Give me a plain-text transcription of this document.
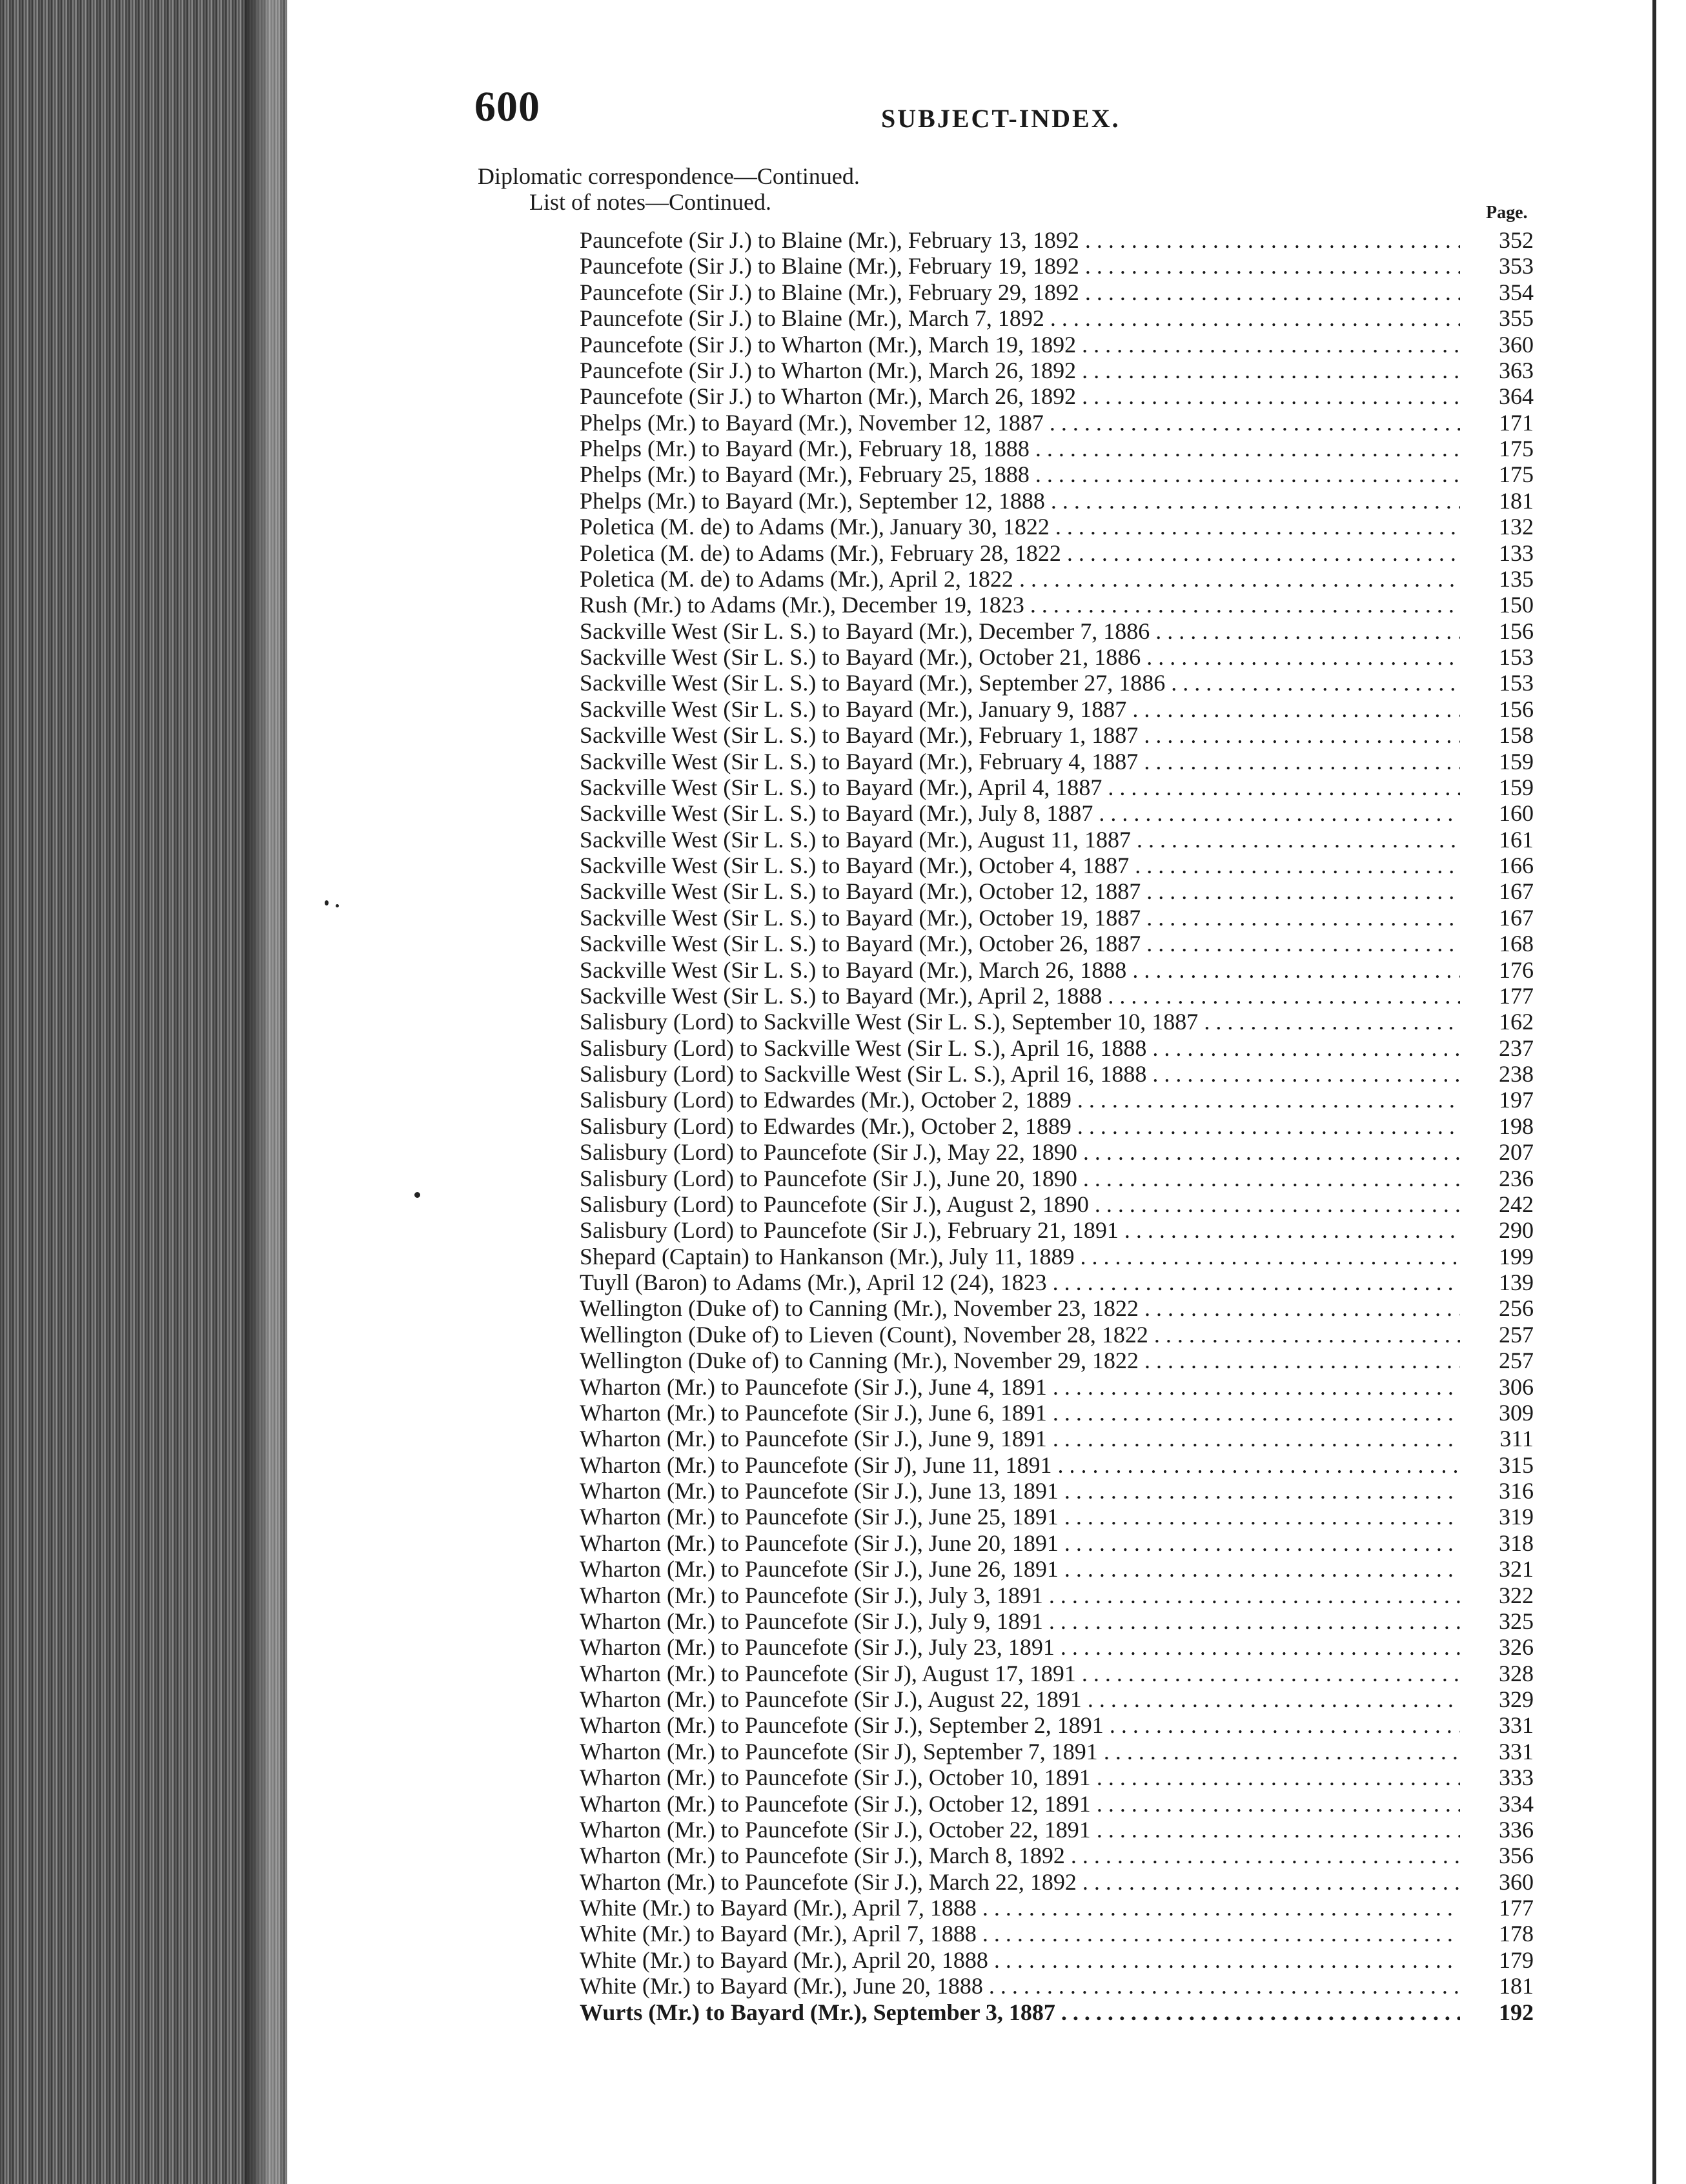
600	SUBJECT-INDEX.
Diplomatic correspondence—Continued.
List of notes—Continued.	Page.
Pauncefote (Sir J.) to Blaine (Mr.), February 13, 1892 . . .	352
Pauncefote (Sir J.) to Blaine (Mr.), February 19, 1892 . . .	353
Pauncefote (Sir J.) to Blaine (Mr.), February 29, 1892 . . .	354
Pauncefote (Sir J.) to Blaine (Mr.), March 7, 1892 . . .	355
Pauncefote (Sir J.) to Wharton (Mr.), March 19, 1892 . . .	360
Pauncefote (Sir J.) to Wharton (Mr.), March 26, 1892 . . .	363
Pauncefote (Sir J.) to Wharton (Mr.), March 26, 1892 . . .	364
Phelps (Mr.) to Bayard (Mr.), November 12, 1887 . . .	171
Phelps (Mr.) to Bayard (Mr.), February 18, 1888 . . .	175
Phelps (Mr.) to Bayard (Mr.), February 25, 1888 . . .	175
Phelps (Mr.) to Bayard (Mr.), September 12, 1888 . . .	181
Poletica (M. de) to Adams (Mr.), January 30, 1822 . . .	132
Poletica (M. de) to Adams (Mr.), February 28, 1822 . . .	133
Poletica (M. de) to Adams (Mr.), April 2, 1822 . . .	135
Rush (Mr.) to Adams (Mr.), December 19, 1823 . . .	150
Sackville West (Sir L. S.) to Bayard (Mr.), December 7, 1886 . . .	156
Sackville West (Sir L. S.) to Bayard (Mr.), October 21, 1886 . . .	153
Sackville West (Sir L. S.) to Bayard (Mr.), September 27, 1886 . . .	153
Sackville West (Sir L. S.) to Bayard (Mr.), January 9, 1887 . . .	156
Sackville West (Sir L. S.) to Bayard (Mr.), February 1, 1887 . . .	158
Sackville West (Sir L. S.) to Bayard (Mr.), February 4, 1887 . . .	159
Sackville West (Sir L. S.) to Bayard (Mr.), April 4, 1887 . . .	159
Sackville West (Sir L. S.) to Bayard (Mr.), July 8, 1887 . . .	160
Sackville West (Sir L. S.) to Bayard (Mr.), August 11, 1887 . . .	161
Sackville West (Sir L. S.) to Bayard (Mr.), October 4, 1887 . . .	166
Sackville West (Sir L. S.) to Bayard (Mr.), October 12, 1887 . . .	167
Sackville West (Sir L. S.) to Bayard (Mr.), October 19, 1887 . . .	167
Sackville West (Sir L. S.) to Bayard (Mr.), October 26, 1887 . . .	168
Sackville West (Sir L. S.) to Bayard (Mr.), March 26, 1888 . . .	176
Sackville West (Sir L. S.) to Bayard (Mr.), April 2, 1888 . . .	177
Salisbury (Lord) to Sackville West (Sir L. S.), September 10, 1887 . . .	162
Salisbury (Lord) to Sackville West (Sir L. S.), April 16, 1888 . . .	237
Salisbury (Lord) to Sackville West (Sir L. S.), April 16, 1888 . . .	238
Salisbury (Lord) to Edwardes (Mr.), October 2, 1889 . . .	197
Salisbury (Lord) to Edwardes (Mr.), October 2, 1889 . . .	198
Salisbury (Lord) to Pauncefote (Sir J.), May 22, 1890 . . .	207
Salisbury (Lord) to Pauncefote (Sir J.), June 20, 1890 . . .	236
Salisbury (Lord) to Pauncefote (Sir J.), August 2, 1890 . . .	242
Salisbury (Lord) to Pauncefote (Sir J.), February 21, 1891 . . .	290
Shepard (Captain) to Hankanson (Mr.), July 11, 1889 . . .	199
Tuyll (Baron) to Adams (Mr.), April 12 (24), 1823 . . .	139
Wellington (Duke of) to Canning (Mr.), November 23, 1822 . . .	256
Wellington (Duke of) to Lieven (Count), November 28, 1822 . . .	257
Wellington (Duke of) to Canning (Mr.), November 29, 1822 . . .	257
Wharton (Mr.) to Pauncefote (Sir J.), June 4, 1891 . . .	306
Wharton (Mr.) to Pauncefote (Sir J.), June 6, 1891 . . .	309
Wharton (Mr.) to Pauncefote (Sir J.), June 9, 1891 . . .	311
Wharton (Mr.) to Pauncefote (Sir J), June 11, 1891 . . .	315
Wharton (Mr.) to Pauncefote (Sir J.), June 13, 1891 . . .	316
Wharton (Mr.) to Pauncefote (Sir J.), June 25, 1891 . . .	319
Wharton (Mr.) to Pauncefote (Sir J.), June 20, 1891 . . .	318
Wharton (Mr.) to Pauncefote (Sir J.), June 26, 1891 . . .	321
Wharton (Mr.) to Pauncefote (Sir J.), July 3, 1891 . . .	322
Wharton (Mr.) to Pauncefote (Sir J.), July 9, 1891 . . .	325
Wharton (Mr.) to Pauncefote (Sir J.), July 23, 1891 . . .	326
Wharton (Mr.) to Pauncefote (Sir J), August 17, 1891 . . .	328
Wharton (Mr.) to Pauncefote (Sir J.), August 22, 1891 . . .	329
Wharton (Mr.) to Pauncefote (Sir J.), September 2, 1891 . . .	331
Wharton (Mr.) to Pauncefote (Sir J), September 7, 1891 . . .	331
Wharton (Mr.) to Pauncefote (Sir J.), October 10, 1891 . . .	333
Wharton (Mr.) to Pauncefote (Sir J.), October 12, 1891 . . .	334
Wharton (Mr.) to Pauncefote (Sir J.), October 22, 1891 . . .	336
Wharton (Mr.) to Pauncefote (Sir J.), March 8, 1892 . . .	356
Wharton (Mr.) to Pauncefote (Sir J.), March 22, 1892 . . .	360
White (Mr.) to Bayard (Mr.), April 7, 1888 . . .	177
White (Mr.) to Bayard (Mr.), April 7, 1888 . . .	178
White (Mr.) to Bayard (Mr.), April 20, 1888 . . .	179
White (Mr.) to Bayard (Mr.), June 20, 1888 . . .	181
Wurts (Mr.) to Bayard (Mr.), September 3, 1887 . . .	192
